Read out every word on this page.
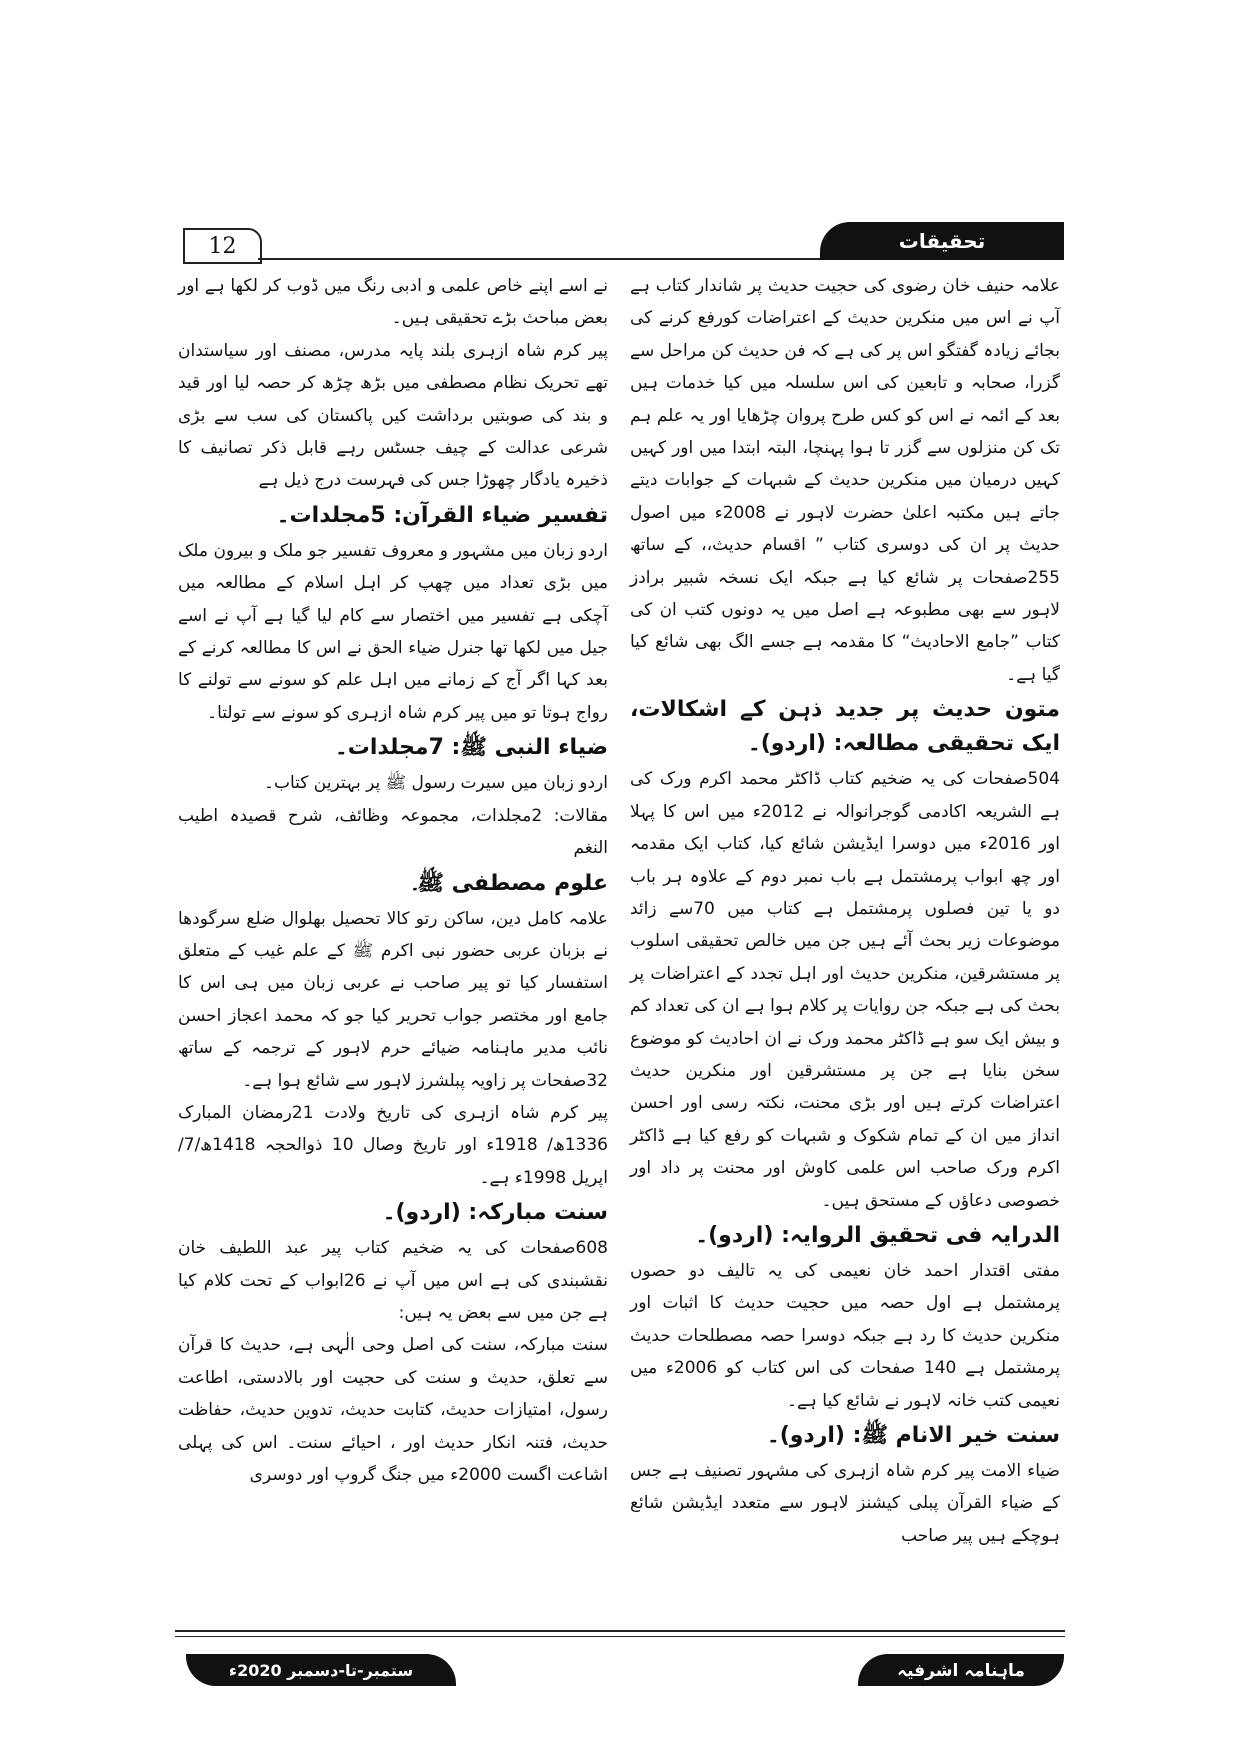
12	تحقیقات

علامہ حنیف خان رضوی کی حجیت حدیث پر شاندار کتاب ہے آپ نے اس میں منکرین حدیث کے اعتراضات کورفع کرنے کی بجائے زیادہ گفتگو اس پر کی ہے کہ فن حدیث کن مراحل سے گزرا، صحابہ و تابعین کی اس سلسلہ میں کیا خدمات ہیں بعد کے ائمہ نے اس کو کس طرح پروان چڑھایا اور یہ علم ہم تک کن منزلوں سے گزر تا ہوا پہنچا، البتہ ابتدا میں اور کہیں کہیں درمیان میں منکرین حدیث کے شبہات کے جوابات دیتے جاتے ہیں مکتبہ اعلیٰ حضرت لاہور نے 2008ء میں اصول حدیث پر ان کی دوسری کتاب ” اقسام حدیث،، کے ساتھ 255صفحات پر شائع کیا ہے جبکہ ایک نسخہ شبیر برادز لاہور سے بھی مطبوعہ ہے اصل میں یہ دونوں کتب ان کی کتاب ”جامع الاحادیث“ کا مقدمہ ہے جسے الگ بھی شائع کیا گیا ہے۔

متون حدیث پر جدید ذہن کے اشکالات، ایک تحقیقی مطالعہ: (اردو)۔

504صفحات کی یہ ضخیم کتاب ڈاکٹر محمد اکرم ورک کی ہے الشریعہ اکادمی گوجرانوالہ نے 2012ء میں اس کا پہلا اور 2016ء میں دوسرا ایڈیشن شائع کیا، کتاب ایک مقدمہ اور چھ ابواب پرمشتمل ہے باب نمبر دوم کے علاوہ ہر باب دو یا تین فصلوں پرمشتمل ہے کتاب میں 70سے زائد موضوعات زیر بحث آئے ہیں جن میں خالص تحقیقی اسلوب پر مستشرقین، منکرین حدیث اور اہل تجدد کے اعتراضات پر بحث کی ہے جبکہ جن روایات پر کلام ہوا ہے ان کی تعداد کم و بیش ایک سو ہے ڈاکٹر محمد ورک نے ان احادیث کو موضوع سخن بنایا ہے جن پر مستشرقین اور منکرین حدیث اعتراضات کرتے ہیں اور بڑی محنت، نکتہ رسی اور احسن انداز میں ان کے تمام شکوک و شبہات کو رفع کیا ہے ڈاکٹر اکرم ورک صاحب اس علمی کاوش اور محنت پر داد اور خصوصی دعاؤں کے مستحق ہیں۔

الدرایہ فی تحقیق الروایہ: (اردو)۔

مفتی اقتدار احمد خان نعیمی کی یہ تالیف دو حصوں پرمشتمل ہے اول حصہ میں حجیت حدیث کا اثبات اور منکرین حدیث کا رد ہے جبکہ دوسرا حصہ مصطلحات حدیث پرمشتمل ہے 140 صفحات کی اس کتاب کو 2006ء میں نعیمی کتب خانہ لاہور نے شائع کیا ہے۔

سنت خیر الانام ﷺ: (اردو)۔

ضیاء الامت پیر کرم شاہ ازہری کی مشہور تصنیف ہے جس کے ضیاء القرآن پبلی کیشنز لاہور سے متعدد ایڈیشن شائع ہوچکے ہیں پیر صاحب

نے اسے اپنے خاص علمی و ادبی رنگ میں ڈوب کر لکھا ہے اور بعض مباحث بڑے تحقیقی ہیں۔

پیر کرم شاہ ازہری بلند پایہ مدرس، مصنف اور سیاستدان تھے تحریک نظام مصطفی میں بڑھ چڑھ کر حصہ لیا اور قید و بند کی صوبتیں برداشت کیں پاکستان کی سب سے بڑی شرعی عدالت کے چیف جسٹس رہے قابل ذکر تصانیف کا ذخیرہ یادگار چھوڑا جس کی فہرست درج ذیل ہے

تفسیر ضیاء القرآن: 5مجلدات۔

اردو زبان میں مشہور و معروف تفسیر جو ملک و بیرون ملک میں بڑی تعداد میں چھپ کر اہل اسلام کے مطالعہ میں آچکی ہے تفسیر میں اختصار سے کام لیا گیا ہے آپ نے اسے جیل میں لکھا تھا جنرل ضیاء الحق نے اس کا مطالعہ کرنے کے بعد کہا اگر آج کے زمانے میں اہل علم کو سونے سے تولنے کا رواج ہوتا تو میں پیر کرم شاہ ازہری کو سونے سے تولتا۔

ضیاء النبی ﷺ: 7مجلدات۔

اردو زبان میں سیرت رسول ﷺ پر بہترین کتاب۔

مقالات: 2مجلدات، مجموعہ وظائف، شرح قصیدہ اطیب النغم

علوم مصطفی ﷺ۔

علامہ کامل دین، ساکن رتو کالا تحصیل بھلوال ضلع سرگودھا نے بزبان عربی حضور نبی اکرم ﷺ کے علم غیب کے متعلق استفسار کیا تو پیر صاحب نے عربی زبان میں ہی اس کا جامع اور مختصر جواب تحریر کیا جو کہ محمد اعجاز احسن نائب مدیر ماہنامہ ضیائے حرم لاہور کے ترجمہ کے ساتھ 32صفحات پر زاویہ پبلشرز لاہور سے شائع ہوا ہے۔

پیر کرم شاہ ازہری کی تاریخ ولادت 21رمضان المبارک 1336ھ/ 1918ء اور تاریخ وصال 10 ذوالحجہ 1418ھ/7/اپریل 1998ء ہے۔

سنت مبارکہ: (اردو)۔

608صفحات کی یہ ضخیم کتاب پیر عبد اللطیف خان نقشبندی کی ہے اس میں آپ نے 26ابواب کے تحت کلام کیا ہے جن میں سے بعض یہ ہیں:

سنت مبارکہ، سنت کی اصل وحی الٰہی ہے، حدیث کا قرآن سے تعلق، حدیث و سنت کی حجیت اور بالادستی، اطاعت رسول، امتیازات حدیث، کتابت حدیث، تدوین حدیث، حفاظت حدیث، فتنہ انکار حدیث اور ، احیائے سنت۔ اس کی پہلی اشاعت اگست 2000ء میں جنگ گروپ اور دوسری

ستمبر-تا-دسمبر 2020ء	ماہنامہ اشرفیہ
